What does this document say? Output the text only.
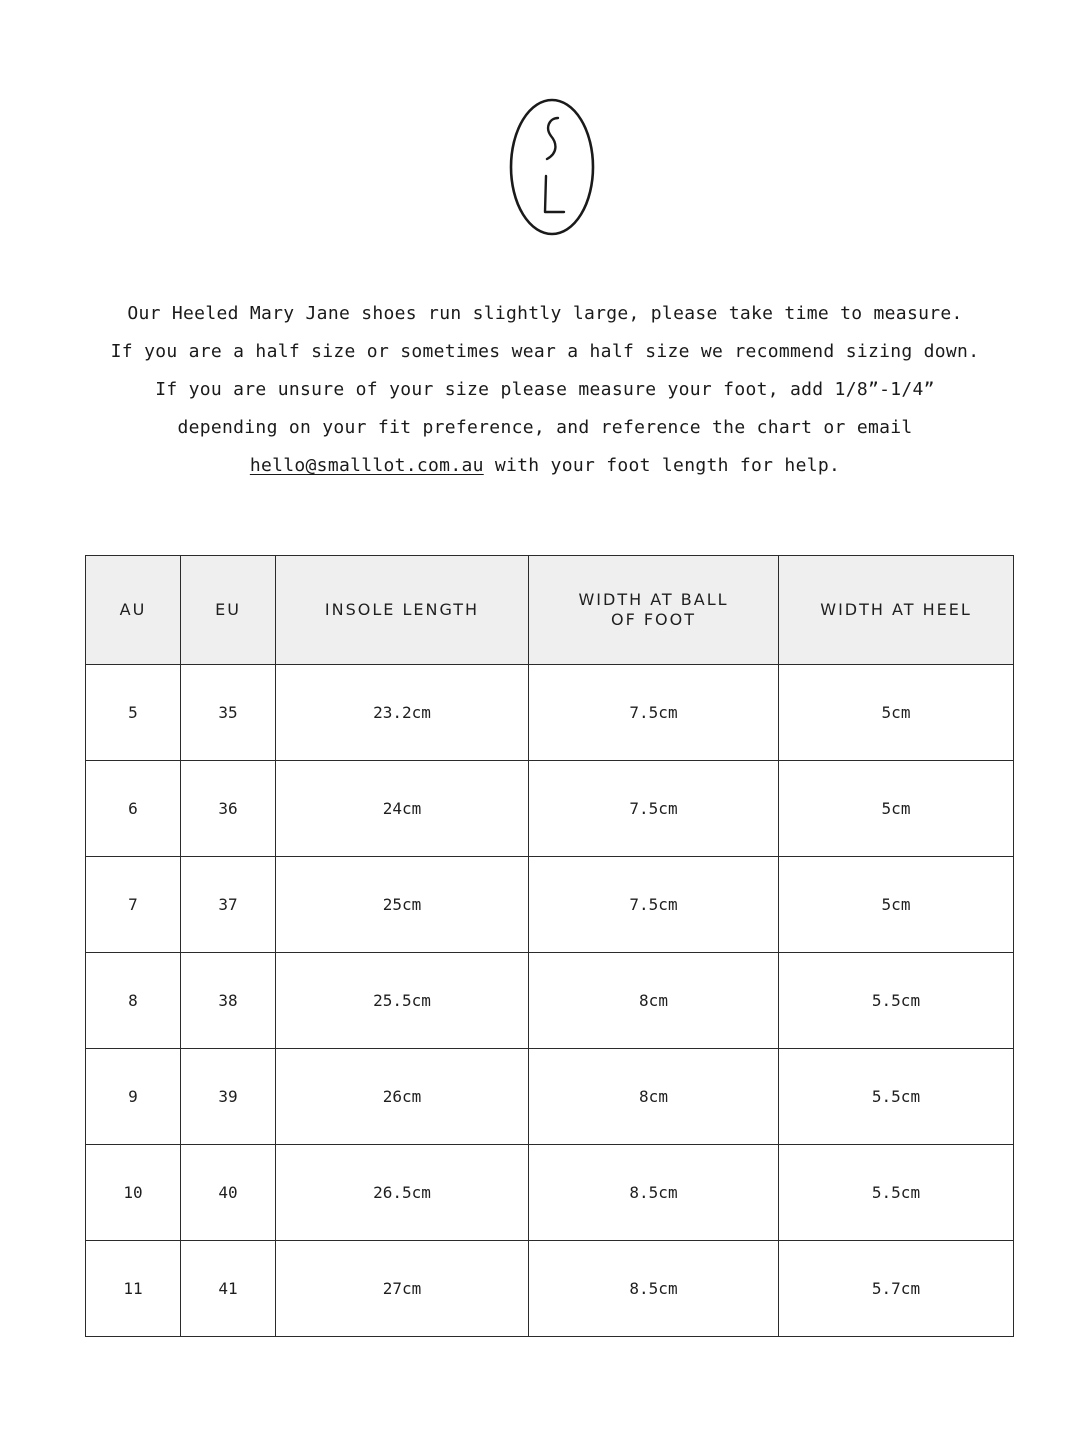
Our Heeled Mary Jane shoes run slightly large, please take time to measure.

If you are a half size or sometimes wear a half size we recommend sizing down.

If you are unsure of your size please measure your foot, add 1/8”-1/4”

depending on your fit preference, and reference the chart or email

hello@smalllot.com.au with your foot length for help.

AU	EU	INSOLE LENGTH	WIDTH AT BALL OF FOOT	WIDTH AT HEEL
5	35	23.2cm	7.5cm	5cm
6	36	24cm	7.5cm	5cm
7	37	25cm	7.5cm	5cm
8	38	25.5cm	8cm	5.5cm
9	39	26cm	8cm	5.5cm
10	40	26.5cm	8.5cm	5.5cm
11	41	27cm	8.5cm	5.7cm
